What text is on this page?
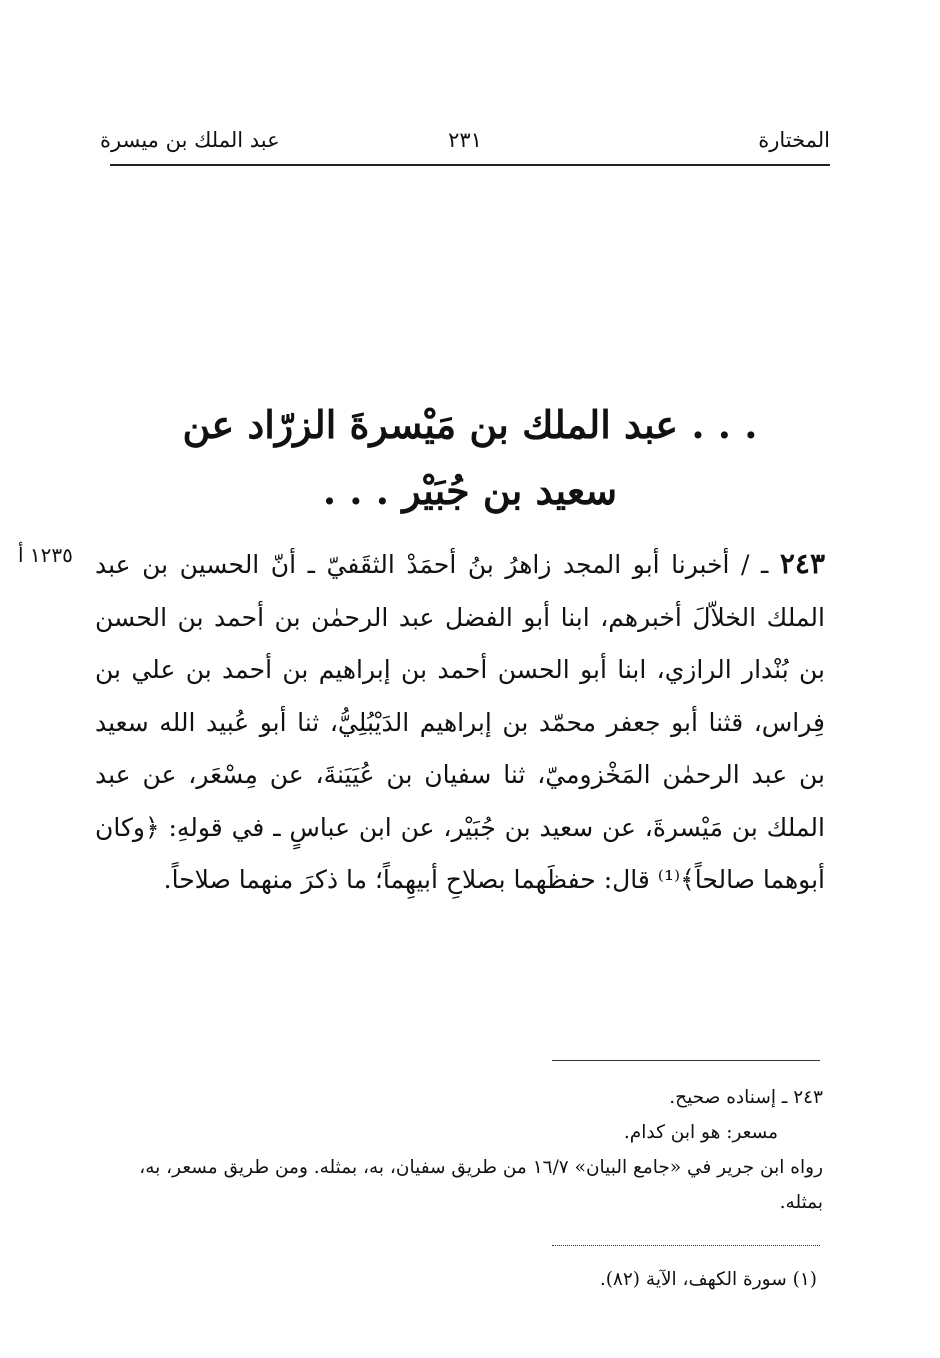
المختارة
٢٣١
عبد الملك بن ميسرة
. . . عبد الملك بن مَيْسرةَ الزرّاد عن
سعيد بن جُبَيْر . . .
١٢٣٥ أ	٢٤٣ ـ / أخبرنا أبو المجد زاهرُ بنُ أحمَدْ الثقَفيّ ـ أنّ الحسين بن عبد الملك الخلاّلَ أخبرهم، ابنا أبو الفضل عبد الرحمٰن بن أحمد بن الحسن بن بُنْدار الرازي، ابنا أبو الحسن أحمد بن إبراهيم بن أحمد بن علي بن فِراس، قثنا أبو جعفر محمّد بن إبراهيم الدَيْبُلِيُّ، ثنا أبو عُبيد الله سعيد بن عبد الرحمٰن المَخْزوميّ، ثنا سفيان بن عُيَيَنةَ، عن مِسْعَر، عن عبد الملك بن مَيْسرةَ، عن سعيد بن جُبَيْر، عن ابن عباسٍ ـ في قولهِ: ﴿وكان أبوهما صالحاً﴾⁽¹⁾ قال: حفظَهما بصلاحِ أبيهِماً؛ ما ذكرَ منهما صلاحاً.

٢٤٣ ـ إسناده صحيح.

مسعر: هو ابن كدام.

رواه ابن جرير في «جامع البيان» ١٦/٧ من طريق سفيان، به، بمثله. ومن طريق مسعر، به، بمثله.

(١) سورة الكهف، الآية (٨٢).
